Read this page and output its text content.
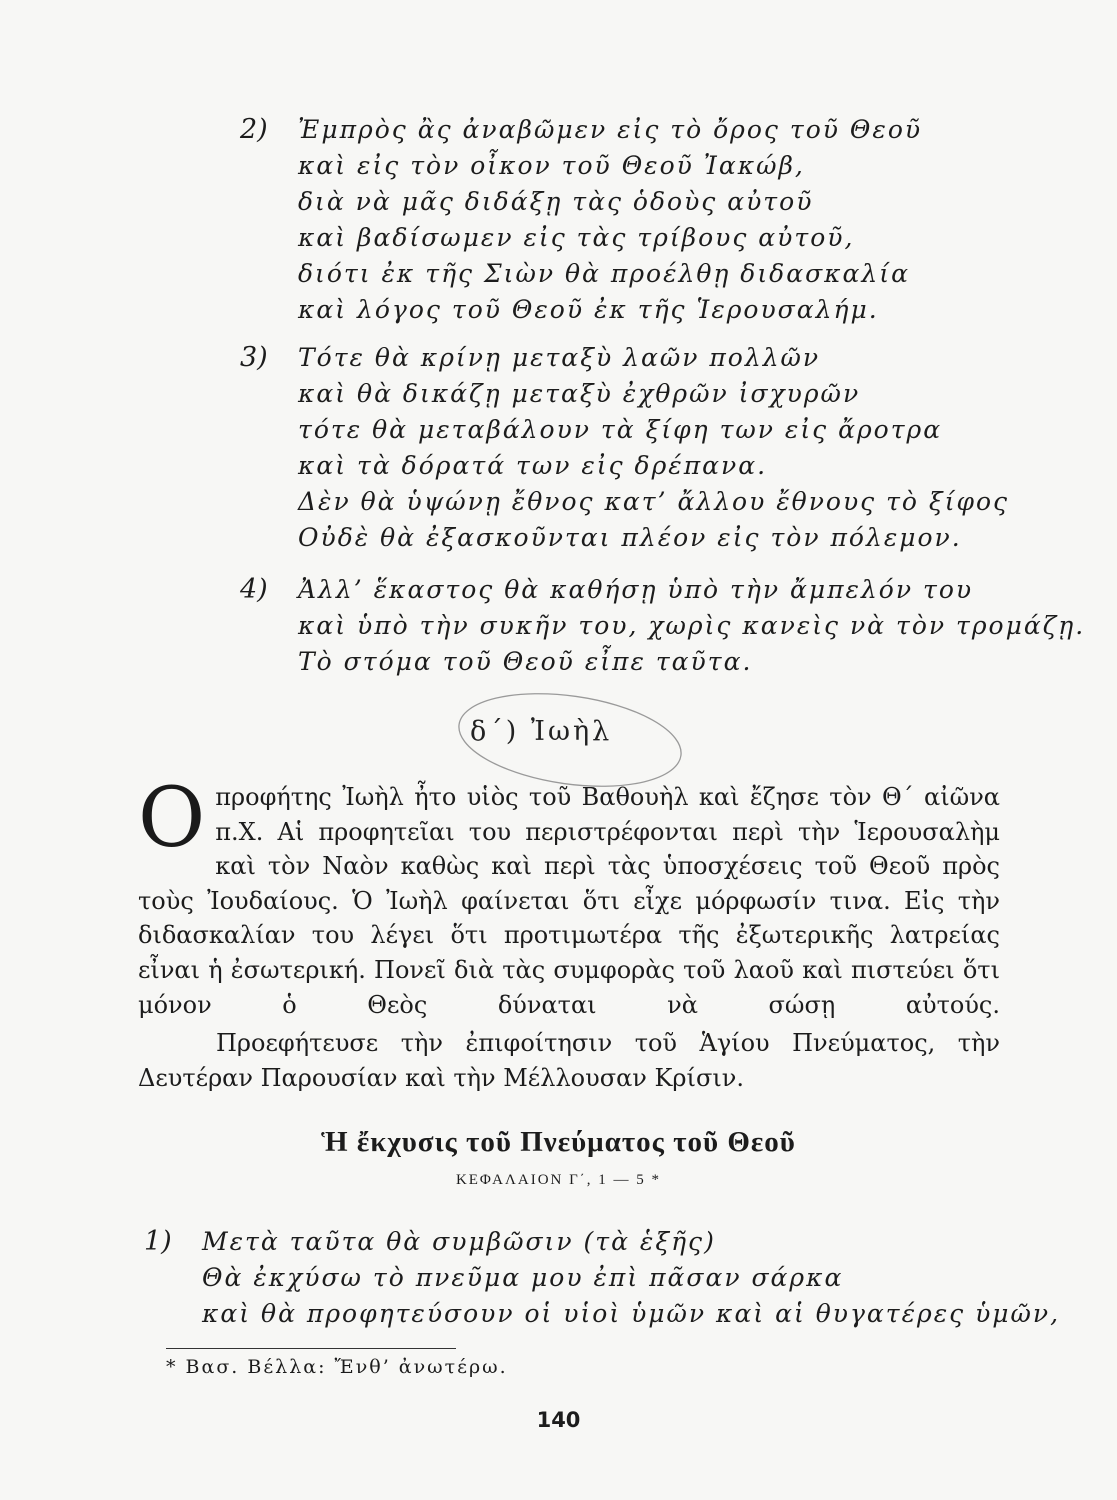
2) Ἐμπρὸς ἂς ἀναβῶμεν εἰς τὸ ὄρος τοῦ Θεοῦ
καὶ εἰς τὸν οἶκον τοῦ Θεοῦ Ἰακώβ,
διὰ νὰ μᾶς διδάξῃ τὰς ὁδοὺς αὐτοῦ
καὶ βαδίσωμεν εἰς τὰς τρίβους αὐτοῦ,
διότι ἐκ τῆς Σιὼν θὰ προέλθῃ διδασκαλία
καὶ λόγος τοῦ Θεοῦ ἐκ τῆς Ἱερουσαλήμ.
3) Τότε θὰ κρίνῃ μεταξὺ λαῶν πολλῶν
καὶ θὰ δικάζῃ μεταξὺ ἐχθρῶν ἰσχυρῶν
τότε θὰ μεταβάλουν τὰ ξίφη των εἰς ἄροτρα
καὶ τὰ δόρατά των εἰς δρέπανα.
Δὲν θὰ ὑψώνῃ ἔθνος κατ’ ἄλλου ἔθνους τὸ ξίφος
Οὐδὲ θὰ ἐξασκοῦνται πλέον εἰς τὸν πόλεμον.
4) Ἀλλ’ ἕκαστος θὰ καθήσῃ ὑπὸ τὴν ἄμπελόν του
καὶ ὑπὸ τὴν συκῆν του, χωρὶς κανεὶς νὰ τὸν τρομάζῃ.
Τὸ στόμα τοῦ Θεοῦ εἶπε ταῦτα.
δ΄) Ἰωὴλ
Ο προφήτης Ἰωὴλ ἦτο υἱὸς τοῦ Βαθουὴλ καὶ ἔζησε τὸν Θ΄ αἰῶνα π.Χ. Αἱ προφητεῖαι του περιστρέφονται περὶ τὴν Ἱερουσαλὴμ καὶ τὸν Ναὸν καθὼς καὶ περὶ τὰς ὑποσχέσεις τοῦ Θεοῦ πρὸς τοὺς Ἰουδαίους. Ὁ Ἰωὴλ φαίνεται ὅτι εἶχε μόρφωσίν τινα. Εἰς τὴν διδασκαλίαν του λέγει ὅτι προτιμωτέρα τῆς ἐξωτερικῆς λατρείας εἶναι ἡ ἐσωτερική. Πονεῖ διὰ τὰς συμφορὰς τοῦ λαοῦ καὶ πιστεύει ὅτι μόνον ὁ Θεὸς δύναται νὰ σώσῃ αὐτούς.
Προεφήτευσε τὴν ἐπιφοίτησιν τοῦ Ἁγίου Πνεύματος, τὴν Δευτέραν Παρουσίαν καὶ τὴν Μέλλουσαν Κρίσιν.
Ἡ ἔκχυσις τοῦ Πνεύματος τοῦ Θεοῦ
ΚΕΦΑΛΑΙΟΝ Γ΄, 1 — 5 *
1) Μετὰ ταῦτα θὰ συμβῶσιν (τὰ ἑξῆς)
Θὰ ἐκχύσω τὸ πνεῦμα μου ἐπὶ πᾶσαν σάρκα
καὶ θὰ προφητεύσουν οἱ υἱοὶ ὑμῶν καὶ αἱ θυγατέρες ὑμῶν,
* Βασ. Βέλλα: Ἔνθ’ ἀνωτέρω.
140
